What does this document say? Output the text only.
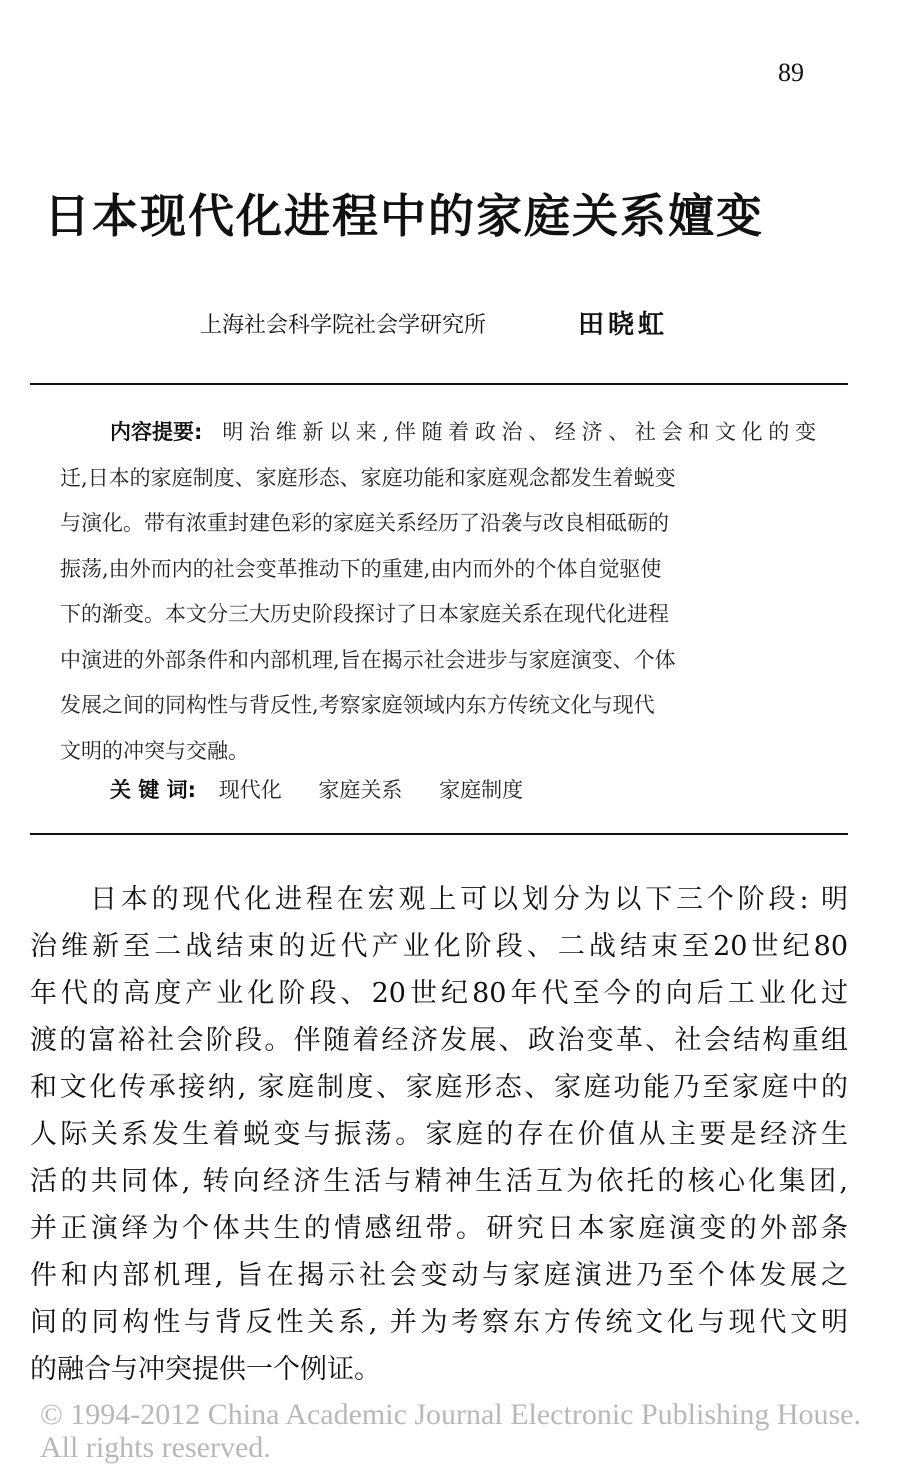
89
日本现代化进程中的家庭关系嬗变
上海社会科学院社会学研究所	田晓虹
内容提要: 明治维新以来,伴随着政治、经济、社会和文化的变
迁,日本的家庭制度、家庭形态、家庭功能和家庭观念都发生着蜕变
与演化。带有浓重封建色彩的家庭关系经历了沿袭与改良相砥砺的
振荡,由外而内的社会变革推动下的重建,由内而外的个体自觉驱使
下的渐变。本文分三大历史阶段探讨了日本家庭关系在现代化进程
中演进的外部条件和内部机理,旨在揭示社会进步与家庭演变、个体
发展之间的同构性与背反性,考察家庭领域内东方传统文化与现代
文明的冲突与交融。
关 键 词: 现代化 家庭关系 家庭制度
日本的现代化进程在宏观上可以划分为以下三个阶段: 明
治维新至二战结束的近代产业化阶段、二战结束至20世纪80
年代的高度产业化阶段、20世纪80年代至今的向后工业化过
渡的富裕社会阶段。伴随着经济发展、政治变革、社会结构重组
和文化传承接纳, 家庭制度、家庭形态、家庭功能乃至家庭中的
人际关系发生着蜕变与振荡。家庭的存在价值从主要是经济生
活的共同体, 转向经济生活与精神生活互为依托的核心化集团,
并正演绎为个体共生的情感纽带。研究日本家庭演变的外部条
件和内部机理, 旨在揭示社会变动与家庭演进乃至个体发展之
间的同构性与背反性关系, 并为考察东方传统文化与现代文明
的融合与冲突提供一个例证。
© 1994-2012 China Academic Journal Electronic Publishing House. All rights reserved.
